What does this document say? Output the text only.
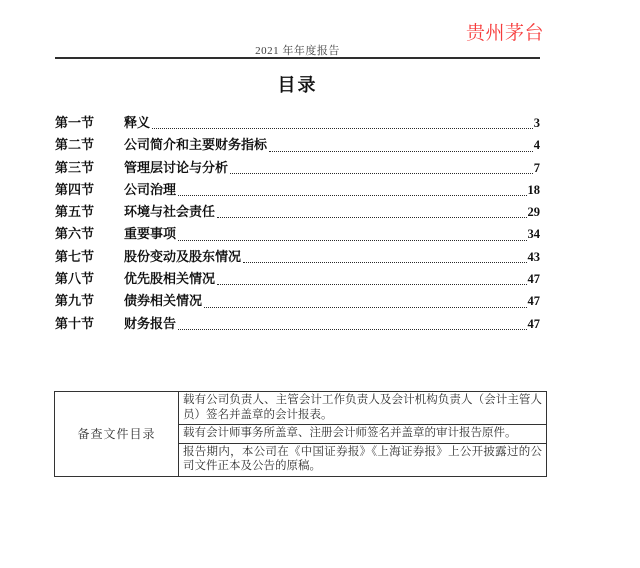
贵州茅台
2021 年年度报告
目录
第一节	释义	3
第二节	公司简介和主要财务指标	4
第三节	管理层讨论与分析	7
第四节	公司治理	18
第五节	环境与社会责任	29
第六节	重要事项	34
第七节	股份变动及股东情况	43
第八节	优先股相关情况	47
第九节	债券相关情况	47
第十节	财务报告	47
备查文件目录
载有公司负责人、主管会计工作负责人及会计机构负责人（会计主管人员）签名并盖章的会计报表。
载有会计师事务所盖章、注册会计师签名并盖章的审计报告原件。
报告期内，本公司在《中国证券报》《上海证券报》上公开披露过的公司文件正本及公告的原稿。
